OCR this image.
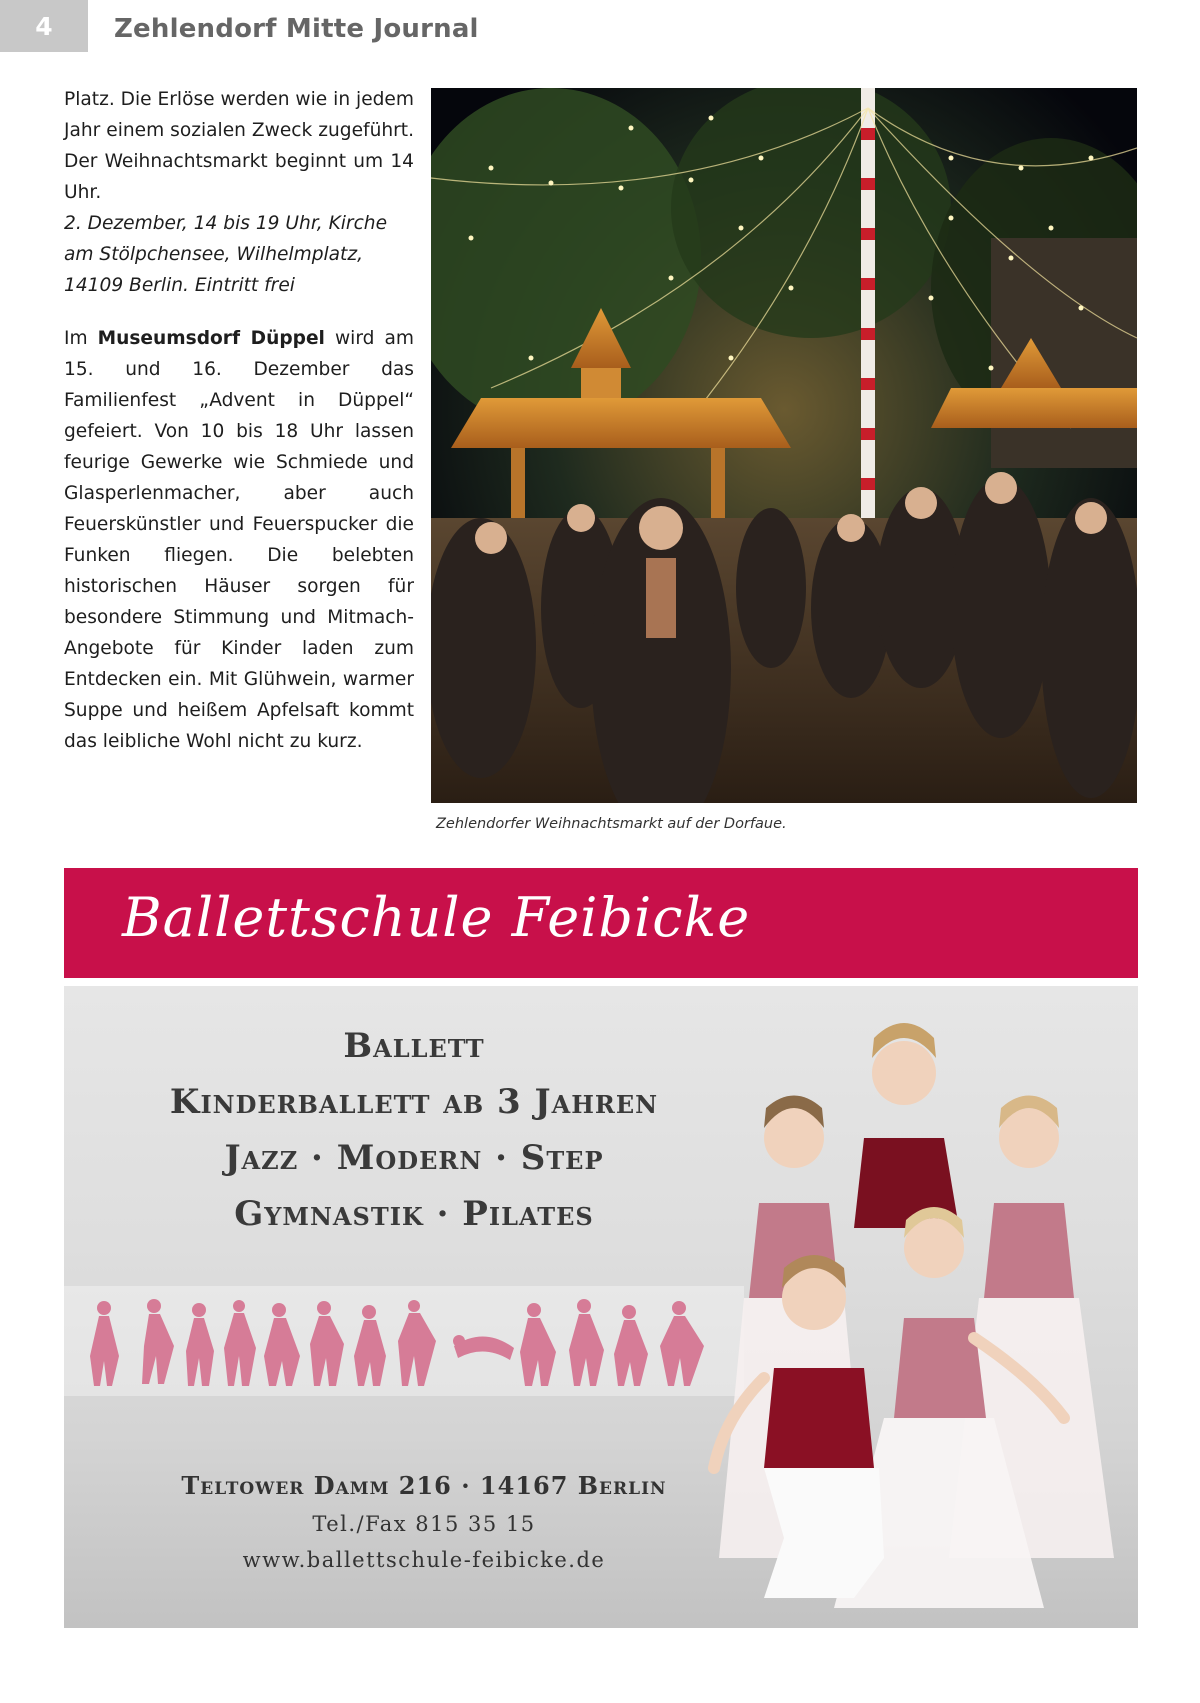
4 Zehlendorf Mitte Journal

Platz. Die Erlöse werden wie in jedem Jahr einem sozialen Zweck zugeführt. Der Weihnachtsmarkt beginnt um 14 Uhr.

2. Dezember, 14 bis 19 Uhr, Kirche am Stölpchensee, Wilhelmplatz, 14109 Berlin. Eintritt frei

Im Museumsdorf Düppel wird am 15. und 16. Dezember das Familienfest „Advent in Düppel“ gefeiert. Von 10 bis 18 Uhr lassen feurige Gewerke wie Schmiede und Glasperlenmacher, aber auch Feuerskünstler und Feuerspucker die Funken fliegen. Die belebten historischen Häuser sorgen für besondere Stimmung und Mitmach-Angebote für Kinder laden zum Entdecken ein. Mit Glühwein, warmer Suppe und heißem Apfelsaft kommt das leibliche Wohl nicht zu kurz.

Zehlendorfer Weihnachtsmarkt auf der Dorfaue.
Ballettschule Feibicke
Ballett
Kinderballett ab 3 Jahren
Jazz · Modern · Step
Gymnastik · Pilates
Teltower Damm 216 · 14167 Berlin
Tel./Fax 815 35 15
www.ballettschule-feibicke.de
